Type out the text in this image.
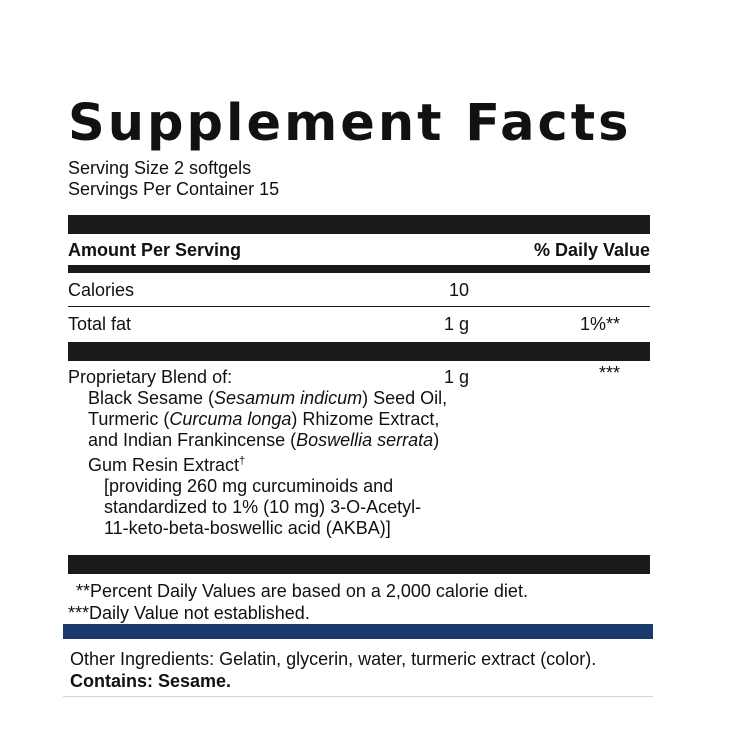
Supplement Facts
Serving Size 2 softgels
Servings Per Container 15
Amount Per Serving	% Daily Value
Calories	10
Total fat	1 g	1%**
Proprietary Blend of:	1 g	***
Black Sesame (Sesamum indicum) Seed Oil,
Turmeric (Curcuma longa) Rhizome Extract,
and Indian Frankincense (Boswellia serrata)
Gum Resin Extract†
[providing 260 mg curcuminoids and
standardized to 1% (10 mg) 3-O-Acetyl-
11-keto-beta-boswellic acid (AKBA)]
**Percent Daily Values are based on a 2,000 calorie diet.
***Daily Value not established.
Other Ingredients: Gelatin, glycerin, water, turmeric extract (color).
Contains: Sesame.
